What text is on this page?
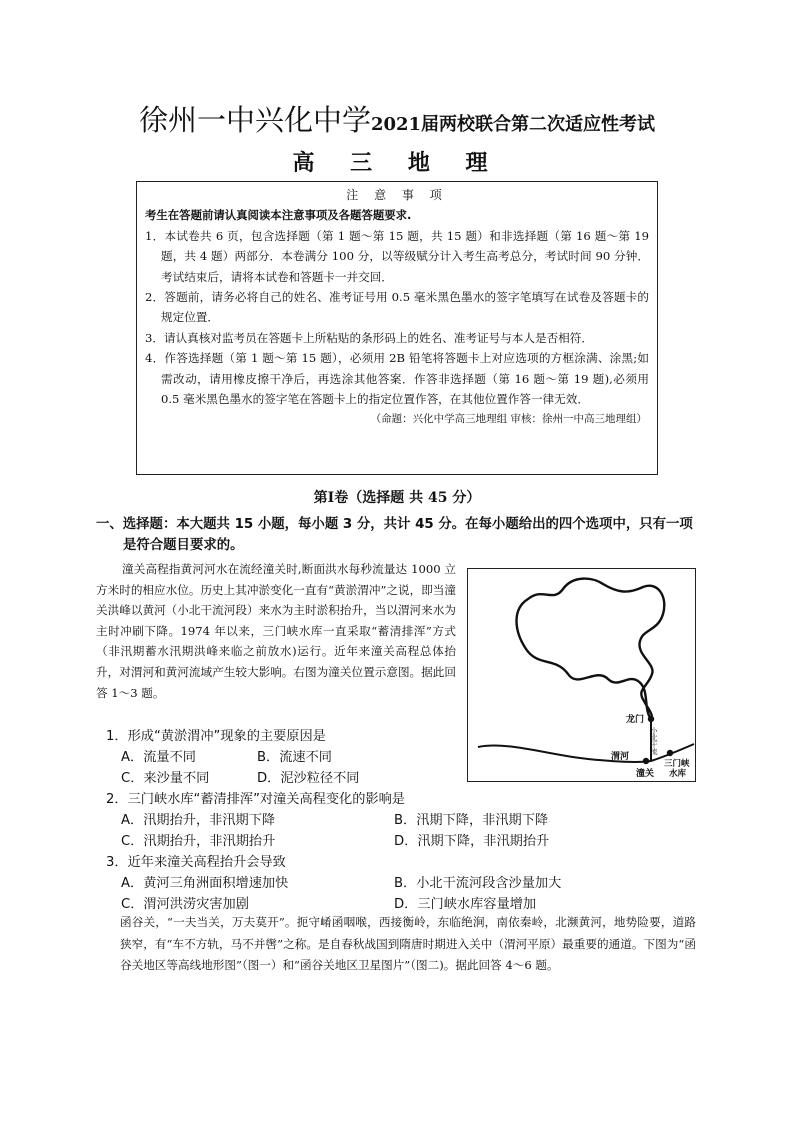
徐州一中兴化中学2021届两校联合第二次适应性考试
高 三 地 理
注 意 事 项
考生在答题前请认真阅读本注意事项及各题答题要求.
1．本试卷共 6 页，包含选择题（第 1 题～第 15 题，共 15 题）和非选择题（第 16 题～第 19 题，共 4 题）两部分．本卷满分 100 分，以等级赋分计入考生高考总分，考试时间 90 分钟．考试结束后，请将本试卷和答题卡一并交回．
2．答题前，请务必将自己的姓名、准考证号用 0.5 毫米黑色墨水的签字笔填写在试卷及答题卡的规定位置．
3．请认真核对监考员在答题卡上所粘贴的条形码上的姓名、准考证号与本人是否相符．
4．作答选择题（第 1 题～第 15 题），必须用 2B 铅笔将答题卡上对应选项的方框涂满、涂黑;如需改动，请用橡皮擦干净后，再选涂其他答案．作答非选择题（第 16 题～第 19 题),必须用 0.5 毫米黑色墨水的签字笔在答题卡上的指定位置作答，在其他位置作答一律无效．
（命题：兴化中学高三地理组 审核：徐州一中高三地理组）
第Ⅰ卷（选择题 共 45 分）
一、选择题：本大题共 15 小题，每小题 3 分，共计 45 分。在每小题给出的四个选项中，只有一项
是符合题目要求的。

潼关高程指黄河河水在流经潼关时,断面洪水每秒流量达 1000 立方米时的相应水位。历史上其冲淤变化一直有“黄淤渭冲”之说，即当潼关洪峰以黄河（小北干流河段）来水为主时淤积抬升，当以渭河来水为主时冲刷下降。1974 年以来，三门峡水库一直采取“蓄清排浑”方式（非汛期蓄水汛期洪峰来临之前放水)运行。近年来潼关高程总体抬升，对渭河和黄河流域产生较大影响。右图为潼关位置示意图。据此回答 1～3 题。

龙门
小北干流
渭河
潼关
三门峡
水库
1．形成“黄淤渭冲”现象的主要原因是
A．流量不同	B．流速不同
C．来沙量不同	D．泥沙粒径不同
2．三门峡水库“蓄清排浑”对潼关高程变化的影响是
A．汛期抬升，非汛期下降	B．汛期下降，非汛期下降
C．汛期抬升，非汛期抬升	D．汛期下降，非汛期抬升
3．近年来潼关高程抬升会导致
A．黄河三角洲面积增速加快	B．小北干流河段含沙量加大
C．渭河洪涝灾害加剧	D．三门峡水库容量增加
函谷关，“一夫当关，万夫莫开”。扼守崤函咽喉，西接衡岭，东临绝涧，南依秦岭，北濒黄河，地势险要，道路狭窄，有“车不方轨，马不并辔”之称。是自春秋战国到隋唐时期进入关中（渭河平原）最重要的通道。下图为“函谷关地区等高线地形图”（图一）和“函谷关地区卫星图片”（图二)。据此回答 4～6 题。
